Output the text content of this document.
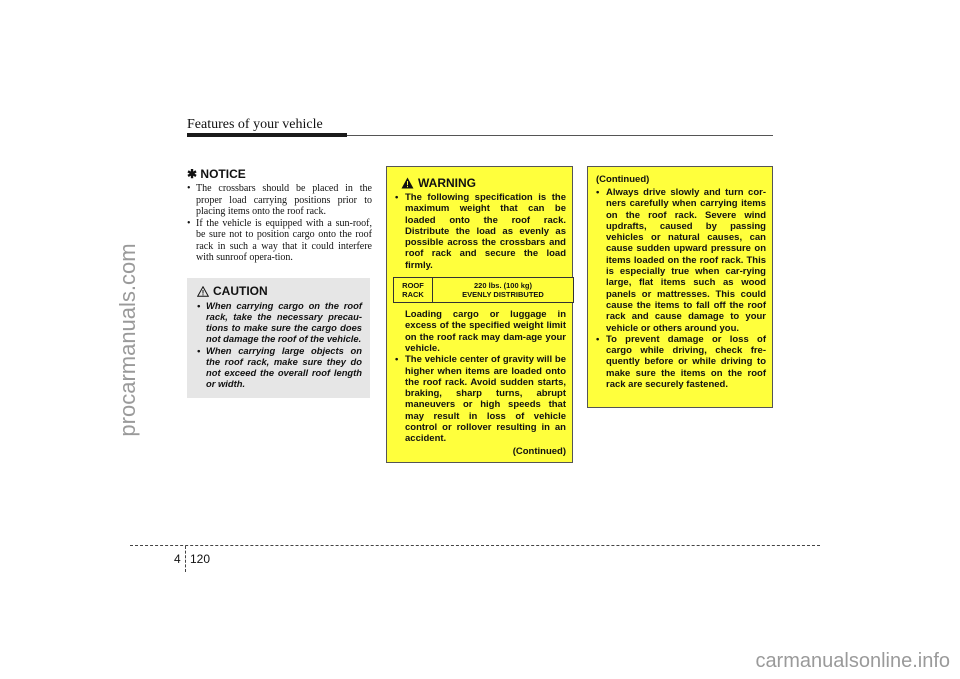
procarmanuals.com
Features of your vehicle
✱ NOTICE
• The crossbars should be placed in the proper load carrying positions prior to placing items onto the roof rack.
• If the vehicle is equipped with a sun-roof, be sure not to position cargo onto the roof rack in such a way that it could interfere with sunroof opera-tion.
CAUTION
• When carrying cargo on the roof rack, take the necessary precau-tions to make sure the cargo does not damage the roof of the vehicle.
• When carrying large objects on the roof rack, make sure they do not exceed the overall roof length or width.
WARNING
• The following specification is the maximum weight that can be loaded onto the roof rack. Distribute the load as evenly as possible across the crossbars and roof rack and secure the load firmly.
ROOF
RACK
220 lbs. (100 kg)
EVENLY DISTRIBUTED

Loading cargo or luggage in excess of the specified weight limit on the roof rack may dam-age your vehicle.

• The vehicle center of gravity will be higher when items are loaded onto the roof rack. Avoid sudden starts, braking, sharp turns, abrupt maneuvers or high speeds that may result in loss of vehicle control or rollover resulting in an accident.
(Continued)
(Continued)
• Always drive slowly and turn cor-ners carefully when carrying items on the roof rack. Severe wind updrafts, caused by passing vehicles or natural causes, can cause sudden upward pressure on items loaded on the roof rack. This is especially true when car-rying large, flat items such as wood panels or mattresses. This could cause the items to fall off the roof rack and cause damage to your vehicle or others around you.
• To prevent damage or loss of cargo while driving, check fre-quently before or while driving to make sure the items on the roof rack are securely fastened.
4 120
carmanualsonline.info
